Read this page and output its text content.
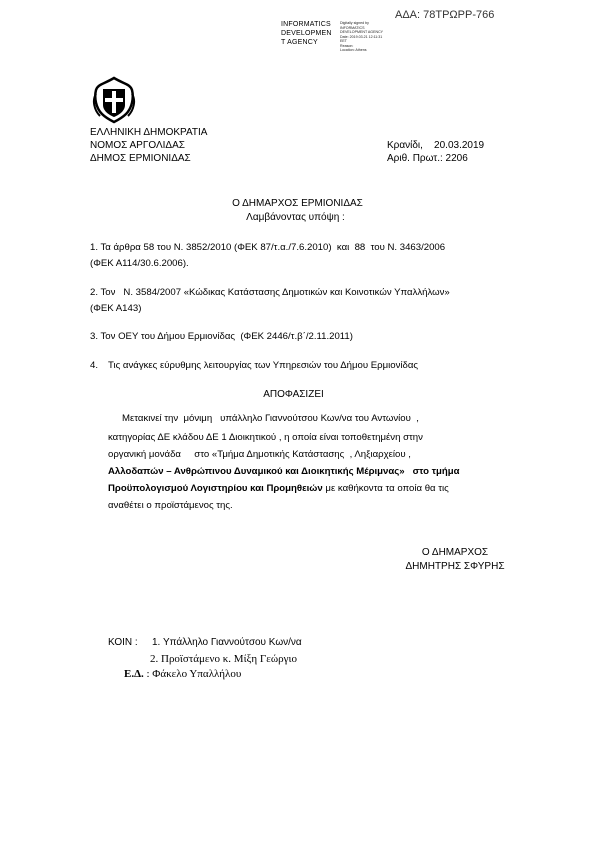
ΑΔΑ: 78ΤΡΩΡΡ-766
INFORMATICS
DEVELOPMEN
T AGENCY
Digitally signed by
INFORMATICS
DEVELOPMENT AGENCY
Date: 2019.03.21 12:11:31
EET
Reason:
Location: Athens
ΕΛΛΗΝΙΚΗ ΔΗΜΟΚΡΑΤΙΑ
ΝΟΜΟΣ ΑΡΓΟΛΙΔΑΣ
ΔΗΜΟΣ ΕΡΜΙΟΝΙΔΑΣ
Κρανίδι,    20.03.2019
Αριθ. Πρωτ.: 2206
Ο ΔΗΜΑΡΧΟΣ ΕΡΜΙΟΝΙΔΑΣ
Λαμβάνοντας υπόψη :
1. Τα άρθρα 58 του Ν. 3852/2010 (ΦΕΚ 87/τ.α./7.6.2010)  και  88  του Ν. 3463/2006
(ΦΕΚ Α114/30.6.2006).
2. Τον   Ν. 3584/2007 «Κώδικας Κατάστασης Δημοτικών και Κοινοτικών Υπαλλήλων»
(ΦΕΚ Α143)
3. Τον ΟΕΥ του Δήμου Ερμιονίδας  (ΦΕΚ 2446/τ.β΄/2.11.2011)
4. Τις ανάγκες εύρυθμης λειτουργίας των Υπηρεσιών του Δήμου Ερμιονίδας
ΑΠΟΦΑΣΙΖΕΙ
Μετακινεί την  μόνιμη   υπάλληλο Γιαννούτσου Κων/να του Αντωνίου  ,
κατηγορίας ΔΕ κλάδου ΔΕ 1 Διοικητικού , η οποία είναι τοποθετημένη στην
οργανική μονάδα     στο «Τμήμα Δημοτικής Κατάστασης  , Ληξιαρχείου ,
Αλλοδαπών – Ανθρώπινου Δυναμικού και Διοικητικής Μέριμνας»   στο τμήμα
Προϋπολογισμού Λογιστηρίου και Προμηθειών με καθήκοντα τα οποία θα τις
αναθέτει ο προϊστάμενος της.
Ο ΔΗΜΑΡΧΟΣ
ΔΗΜΗΤΡΗΣ ΣΦΥΡΗΣ
ΚΟΙΝ : 1. Υπάλληλο Γιαννούτσου Κων/να
2. Προϊστάμενο κ. Μίξη Γεώργιο
Ε.Δ. : Φάκελο Υπαλλήλου
